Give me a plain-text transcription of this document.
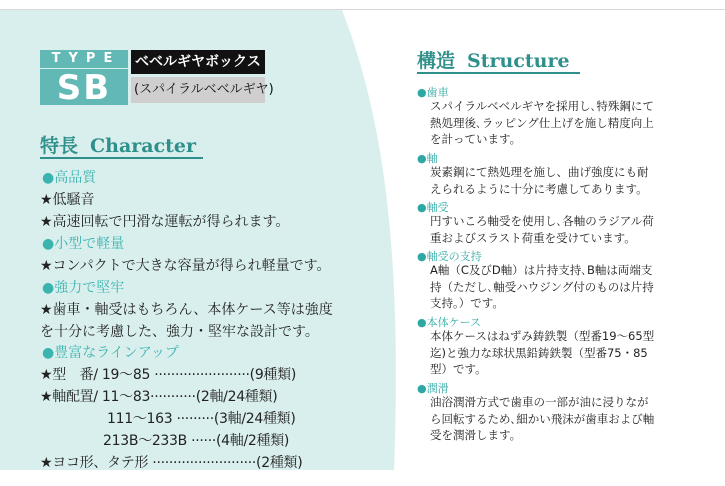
TYPE
SB
ベベルギヤボックス
(スパイラルベベルギヤ)
特長 Character
●高品質
★低騒音
★高速回転で円滑な運転が得られます。
●小型で軽量
★コンパクトで大きな容量が得られ軽量です。
●強力で堅牢
★歯車・軸受はもちろん、本体ケース等は強度
を十分に考慮した、強力・堅牢な設計です。
●豊富なラインアップ
★型　番/ 19〜85 ·······················(9種類)
★軸配置/ 11〜83···········(2軸/24種類)
111〜163 ·········(3軸/24種類)
213B〜233B ······(4軸/2種類)
★ヨコ形、タテ形 ·························(2種類)
構造 Structure
●歯車
スパイラルベベルギヤを採用し､特殊鋼にて
熱処理後､ラッピング仕上げを施し精度向上
を計っています。
●軸
炭素鋼にて熱処理を施し、曲げ強度にも耐
えられるように十分に考慮してあります。
●軸受
円すいころ軸受を使用し､各軸のラジアル荷
重およびスラスト荷重を受けています。
●軸受の支持
A軸（C及びD軸）は片持支持､B軸は両端支
持（ただし､軸受ハウジング付のものは片持
支持。）です。
●本体ケース
本体ケースはねずみ鋳鉄製（型番19〜65型
迄)と強力な球状黒鉛鋳鉄製（型番75・85
型）です。
●潤滑
油浴潤滑方式で歯車の一部が油に浸りなが
ら回転するため､細かい飛沫が歯車および軸
受を潤滑します。
